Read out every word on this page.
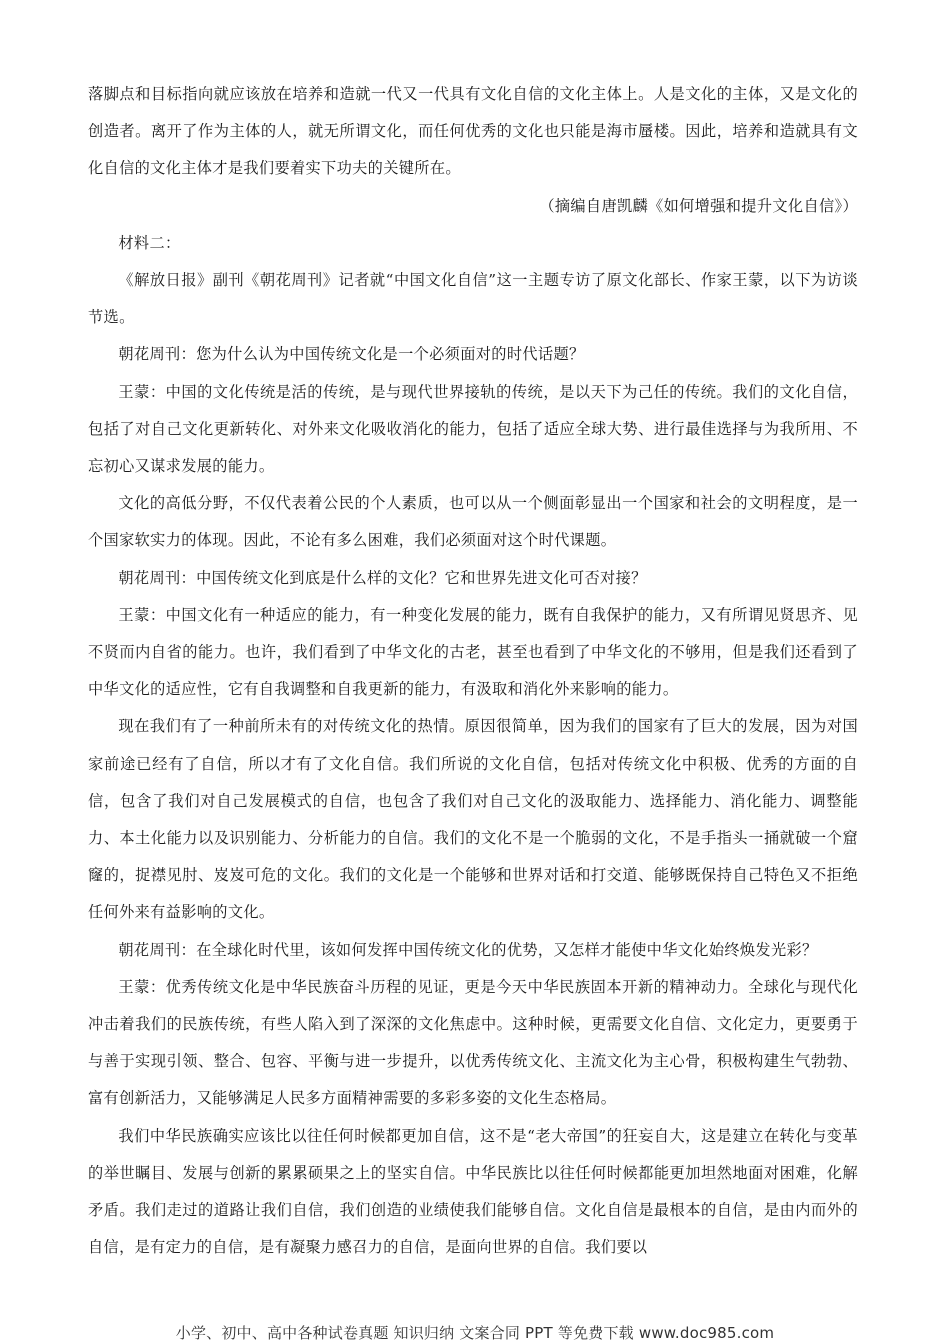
落脚点和目标指向就应该放在培养和造就一代又一代具有文化自信的文化主体上。人是文化的主体，又是文化的创造者。离开了作为主体的人，就无所谓文化，而任何优秀的文化也只能是海市蜃楼。因此，培养和造就具有文化自信的文化主体才是我们要着实下功夫的关键所在。

（摘编自唐凯麟《如何增强和提升文化自信》）

材料二：

《解放日报》副刊《朝花周刊》记者就“中国文化自信”这一主题专访了原文化部长、作家王蒙，以下为访谈节选。

朝花周刊：您为什么认为中国传统文化是一个必须面对的时代话题？

王蒙：中国的文化传统是活的传统，是与现代世界接轨的传统，是以天下为己任的传统。我们的文化自信，包括了对自己文化更新转化、对外来文化吸收消化的能力，包括了适应全球大势、进行最佳选择与为我所用、不忘初心又谋求发展的能力。

文化的高低分野，不仅代表着公民的个人素质，也可以从一个侧面彰显出一个国家和社会的文明程度，是一个国家软实力的体现。因此，不论有多么困难，我们必须面对这个时代课题。

朝花周刊：中国传统文化到底是什么样的文化？它和世界先进文化可否对接？

王蒙：中国文化有一种适应的能力，有一种变化发展的能力，既有自我保护的能力，又有所谓见贤思齐、见不贤而内自省的能力。也许，我们看到了中华文化的古老，甚至也看到了中华文化的不够用，但是我们还看到了中华文化的适应性，它有自我调整和自我更新的能力，有汲取和消化外来影响的能力。

现在我们有了一种前所未有的对传统文化的热情。原因很简单，因为我们的国家有了巨大的发展，因为对国家前途已经有了自信，所以才有了文化自信。我们所说的文化自信，包括对传统文化中积极、优秀的方面的自信，包含了我们对自己发展模式的自信，也包含了我们对自己文化的汲取能力、选择能力、消化能力、调整能力、本土化能力以及识别能力、分析能力的自信。我们的文化不是一个脆弱的文化，不是手指头一捅就破一个窟窿的，捉襟见肘、岌岌可危的文化。我们的文化是一个能够和世界对话和打交道、能够既保持自己特色又不拒绝任何外来有益影响的文化。

朝花周刊：在全球化时代里，该如何发挥中国传统文化的优势，又怎样才能使中华文化始终焕发光彩？

王蒙：优秀传统文化是中华民族奋斗历程的见证，更是今天中华民族固本开新的精神动力。全球化与现代化冲击着我们的民族传统，有些人陷入到了深深的文化焦虑中。这种时候，更需要文化自信、文化定力，更要勇于与善于实现引领、整合、包容、平衡与进一步提升，以优秀传统文化、主流文化为主心骨，积极构建生气勃勃、富有创新活力，又能够满足人民多方面精神需要的多彩多姿的文化生态格局。

我们中华民族确实应该比以往任何时候都更加自信，这不是“老大帝国”的狂妄自大，这是建立在转化与变革的举世瞩目、发展与创新的累累硕果之上的坚实自信。中华民族比以往任何时候都能更加坦然地面对困难，化解矛盾。我们走过的道路让我们自信，我们创造的业绩使我们能够自信。文化自信是最根本的自信，是由内而外的自信，是有定力的自信，是有凝聚力感召力的自信，是面向世界的自信。我们要以

小学、初中、高中各种试卷真题 知识归纳 文案合同 PPT 等免费下载 www.doc985.com
